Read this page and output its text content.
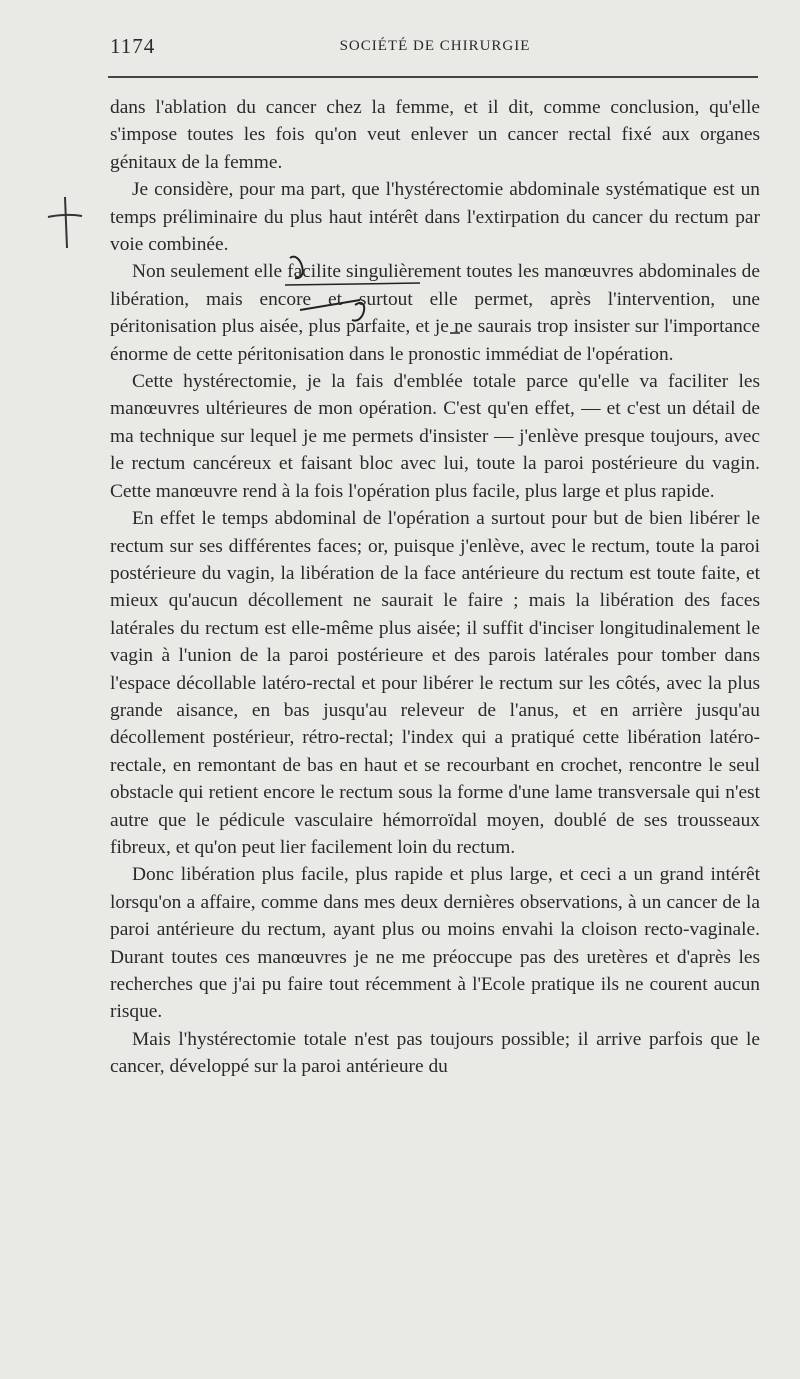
1174	SOCIÉTÉ DE CHIRURGIE

dans l'ablation du cancer chez la femme, et il dit, comme conclusion, qu'elle s'impose toutes les fois qu'on veut enlever un cancer rectal fixé aux organes génitaux de la femme.

Je considère, pour ma part, que l'hystérectomie abdominale systématique est un temps préliminaire du plus haut intérêt dans l'extirpation du cancer du rectum par voie combinée.

Non seulement elle facilite singulièrement toutes les manœuvres abdominales de libération, mais encore et surtout elle permet, après l'intervention, une péritonisation plus aisée, plus parfaite, et je ne saurais trop insister sur l'importance énorme de cette péritonisation dans le pronostic immédiat de l'opération.

Cette hystérectomie, je la fais d'emblée totale parce qu'elle va faciliter les manœuvres ultérieures de mon opération. C'est qu'en effet, — et c'est un détail de ma technique sur lequel je me permets d'insister — j'enlève presque toujours, avec le rectum cancéreux et faisant bloc avec lui, toute la paroi postérieure du vagin. Cette manœuvre rend à la fois l'opération plus facile, plus large et plus rapide.

En effet le temps abdominal de l'opération a surtout pour but de bien libérer le rectum sur ses différentes faces; or, puisque j'enlève, avec le rectum, toute la paroi postérieure du vagin, la libération de la face antérieure du rectum est toute faite, et mieux qu'aucun décollement ne saurait le faire ; mais la libération des faces latérales du rectum est elle-même plus aisée; il suffit d'inciser longitudinalement le vagin à l'union de la paroi postérieure et des parois latérales pour tomber dans l'espace décollable latéro-rectal et pour libérer le rectum sur les côtés, avec la plus grande aisance, en bas jusqu'au releveur de l'anus, et en arrière jusqu'au décollement postérieur, rétro-rectal; l'index qui a pratiqué cette libération latéro-rectale, en remontant de bas en haut et se recourbant en crochet, rencontre le seul obstacle qui retient encore le rectum sous la forme d'une lame transversale qui n'est autre que le pédicule vasculaire hémorroïdal moyen, doublé de ses trousseaux fibreux, et qu'on peut lier facilement loin du rectum.

Donc libération plus facile, plus rapide et plus large, et ceci a un grand intérêt lorsqu'on a affaire, comme dans mes deux dernières observations, à un cancer de la paroi antérieure du rectum, ayant plus ou moins envahi la cloison recto-vaginale. Durant toutes ces manœuvres je ne me préoccupe pas des uretères et d'après les recherches que j'ai pu faire tout récemment à l'Ecole pratique ils ne courent aucun risque.

Mais l'hystérectomie totale n'est pas toujours possible; il arrive parfois que le cancer, développé sur la paroi antérieure du
